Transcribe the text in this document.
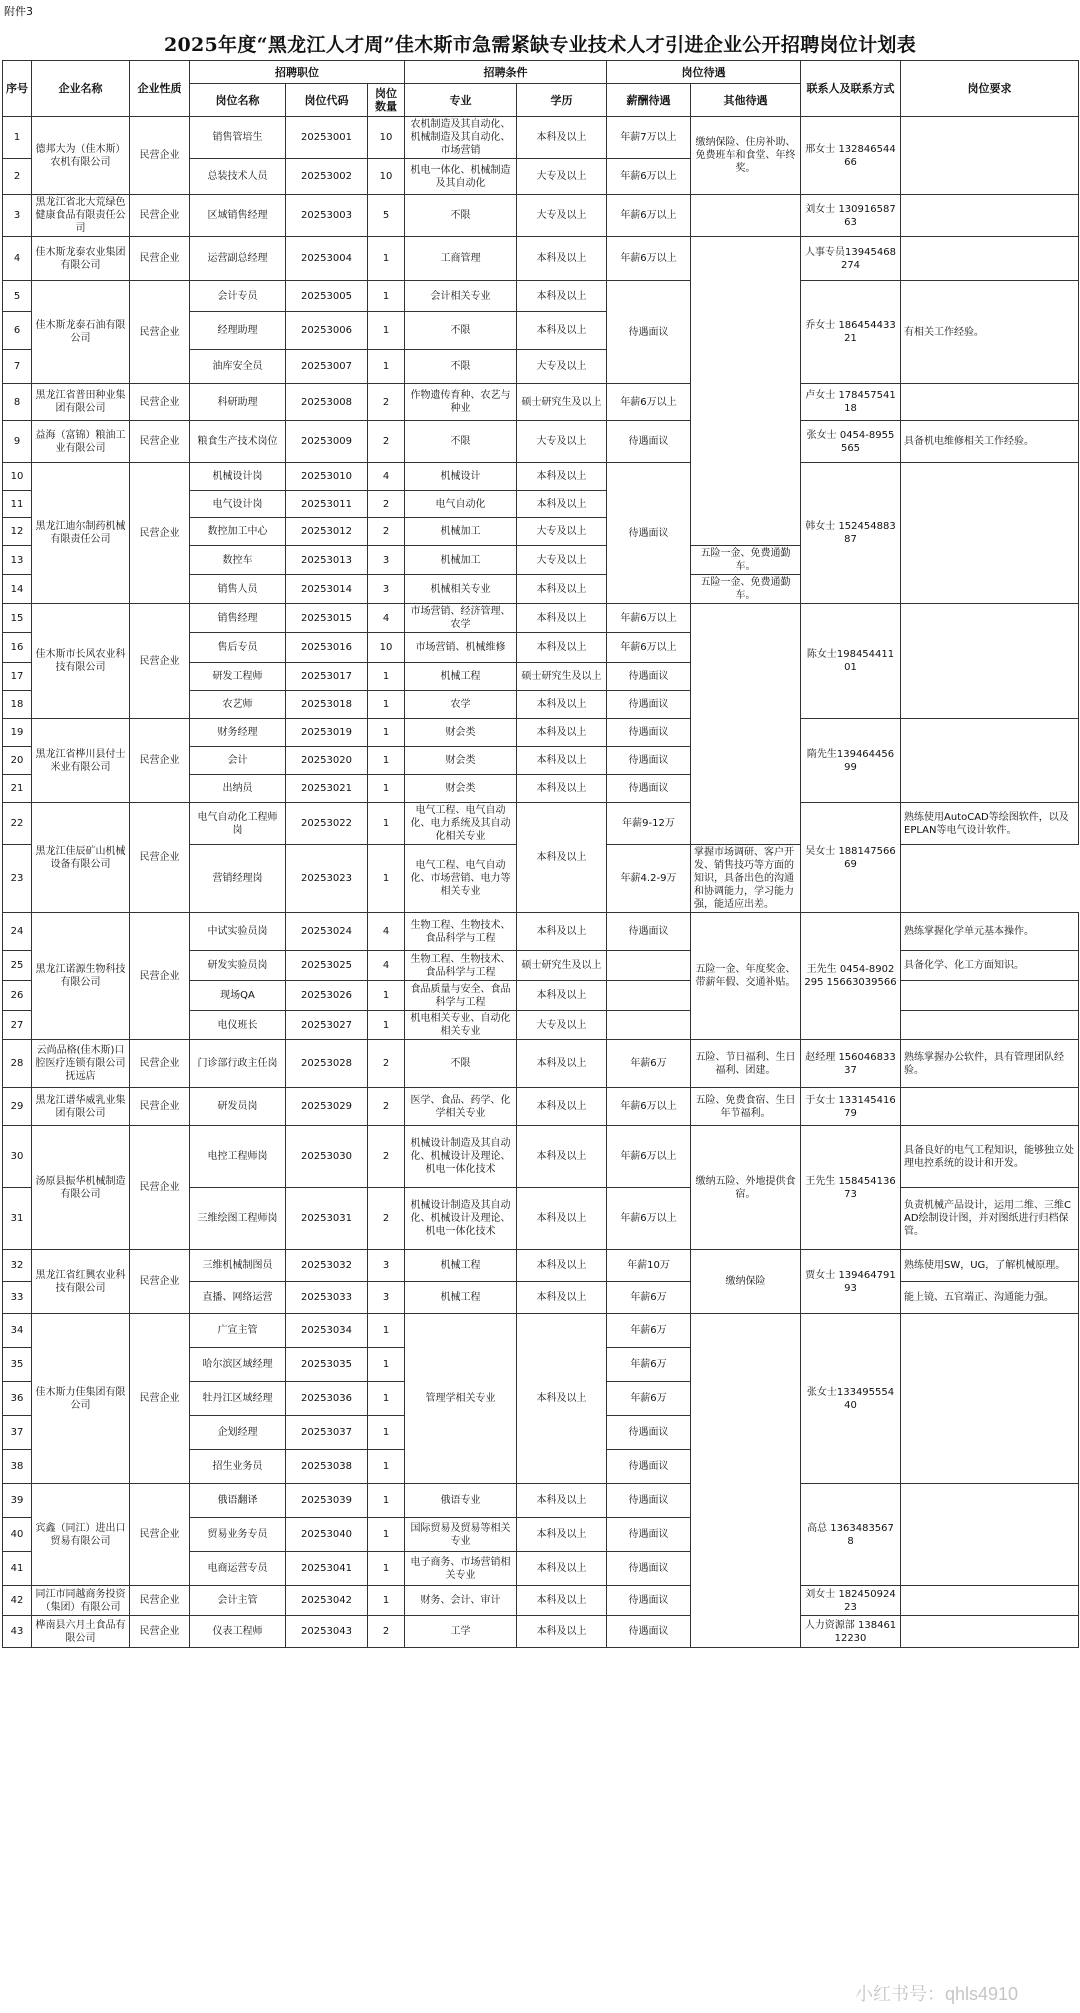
附件3
2025年度“黑龙江人才周”佳木斯市急需紧缺专业技术人才引进企业公开招聘岗位计划表
序号	企业名称	企业性质	招聘职位			招聘条件		岗位待遇		联系人及联系方式	岗位要求
			岗位名称	岗位代码	岗位数量	专业	学历	薪酬待遇	其他待遇		
1	德邦大为（佳木斯）农机有限公司	民营企业	销售管培生	20253001	10	农机制造及其自动化、机械制造及其自动化、市场营销	本科及以上	年薪7万以上	缴纳保险、住房补助、免费班车和食堂、年终奖。	邢女士 13284654466	
2			总装技术人员	20253002	10	机电一体化、机械制造及其自动化	大专及以上	年薪6万以上			
3	黑龙江省北大荒绿色健康食品有限责任公司	民营企业	区域销售经理	20253003	5	不限	大专及以上	年薪6万以上		刘女士 13091658763	
4	佳木斯龙泰农业集团有限公司	民营企业	运营副总经理	20253004	1	工商管理	本科及以上	年薪6万以上		人事专员13945468274	
5	佳木斯龙泰石油有限公司	民营企业	会计专员	20253005	1	会计相关专业	本科及以上	待遇面议		乔女士 18645443321	有相关工作经验。
6			经理助理	20253006	1	不限	本科及以上				
7			油库安全员	20253007	1	不限	大专及以上				
8	黑龙江省普田种业集团有限公司	民营企业	科研助理	20253008	2	作物遗传育种、农艺与种业	硕士研究生及以上	年薪6万以上		卢女士 17845754118	
9	益海（富锦）粮油工业有限公司	民营企业	粮食生产技术岗位	20253009	2	不限	大专及以上	待遇面议		张女士 0454-8955565	具备机电维修相关工作经验。
10	黑龙江迪尔制药机械有限责任公司	民营企业	机械设计岗	20253010	4	机械设计	本科及以上	待遇面议		韩女士 15245488387	
11			电气设计岗	20253011	2	电气自动化	本科及以上				
12			数控加工中心	20253012	2	机械加工	大专及以上				
13			数控车	20253013	3	机械加工	大专及以上		五险一金、免费通勤车。		
14			销售人员	20253014	3	机械相关专业	本科及以上		五险一金、免费通勤车。		
15	佳木斯市长风农业科技有限公司	民营企业	销售经理	20253015	4	市场营销、经济管理、农学	本科及以上	年薪6万以上		陈女士19845441101	
16			售后专员	20253016	10	市场营销、机械维修	本科及以上	年薪6万以上			
17			研发工程师	20253017	1	机械工程	硕士研究生及以上	待遇面议			
18			农艺师	20253018	1	农学	本科及以上	待遇面议			
19	黑龙江省桦川县付士米业有限公司	民营企业	财务经理	20253019	1	财会类	本科及以上	待遇面议		隋先生13946445699	
20			会计	20253020	1	财会类	本科及以上	待遇面议			
21			出纳员	20253021	1	财会类	本科及以上	待遇面议			
22	黑龙江佳辰矿山机械设备有限公司	民营企业	电气自动化工程师岗	20253022	1	电气工程、电气自动化、电力系统及其自动化相关专业	本科及以上	年薪9-12万		吴女士 18814756669	熟练使用AutoCAD等绘图软件，以及EPLAN等电气设计软件。
23			营销经理岗	20253023	1	电气工程、电气自动化、市场营销、电力等相关专业		年薪4.2-9万	掌握市场调研、客户开发、销售技巧等方面的知识，具备出色的沟通和协调能力，学习能力强，能适应出差。		
24	黑龙江诺源生物科技有限公司	民营企业	中试实验员岗	20253024	4	生物工程、生物技术、食品科学与工程	本科及以上	待遇面议	五险一金、年度奖金、带薪年假、交通补贴。	王先生 0454-8902295 15663039566	熟练掌握化学单元基本操作。
25			研发实验员岗	20253025	4	生物工程、生物技术、食品科学与工程	硕士研究生及以上				具备化学、化工方面知识。
26			现场QA	20253026	1	食品质量与安全、食品科学与工程	本科及以上				
27			电仪班长	20253027	1	机电相关专业、自动化相关专业	大专及以上				
28	云尚品格(佳木斯)口腔医疗连锁有限公司抚远店	民营企业	门诊部行政主任岗	20253028	2	不限	本科及以上	年薪6万	五险、节日福利、生日福利、团建。	赵经理 15604683337	熟练掌握办公软件，具有管理团队经验。
29	黑龙江谱华威乳业集团有限公司	民营企业	研发员岗	20253029	2	医学、食品、药学、化学相关专业	本科及以上	年薪6万以上	五险、免费食宿、生日年节福利。	于女士 13314541679	
30	汤原县振华机械制造有限公司	民营企业	电控工程师岗	20253030	2	机械设计制造及其自动化、机械设计及理论、机电一体化技术	本科及以上	年薪6万以上	缴纳五险、外地提供食宿。	王先生 15845413673	具备良好的电气工程知识，能够独立处理电控系统的设计和开发。
31			三维绘图工程师岗	20253031	2	机械设计制造及其自动化、机械设计及理论、机电一体化技术	本科及以上	年薪6万以上			负责机械产品设计，运用二维、三维CAD绘制设计图，并对图纸进行归档保管。
32	黑龙江省红興农业科技有限公司	民营企业	三维机械制图员	20253032	3	机械工程	本科及以上	年薪10万	缴纳保险	贾女士 13946479193	熟练使用SW，UG，了解机械原理。
33			直播、网络运营	20253033	3	机械工程	本科及以上	年薪6万			能上镜、五官端正、沟通能力强。
34	佳木斯力佳集团有限公司	民营企业	广宣主管	20253034	1	管理学相关专业	本科及以上	年薪6万		张女士13349555440	
35			哈尔滨区域经理	20253035	1			年薪6万			
36			牡丹江区域经理	20253036	1			年薪6万			
37			企划经理	20253037	1			待遇面议			
38			招生业务员	20253038	1			待遇面议			
39	宾鑫（同江）进出口贸易有限公司	民营企业	俄语翻译	20253039	1	俄语专业	本科及以上	待遇面议		高总 13634835678	
40			贸易业务专员	20253040	1	国际贸易及贸易等相关专业	本科及以上	待遇面议			
41			电商运营专员	20253041	1	电子商务、市场营销相关专业	本科及以上	待遇面议			
42	同江市同越商务投资（集团）有限公司	民营企业	会计主管	20253042	1	财务、会计、审计	本科及以上	待遇面议		刘女士 18245092423	
43	桦南县六月土食品有限公司	民营企业	仪表工程师	20253043	2	工学	本科及以上	待遇面议		人力资源部 13846112230	
小红书号：qhls4910
